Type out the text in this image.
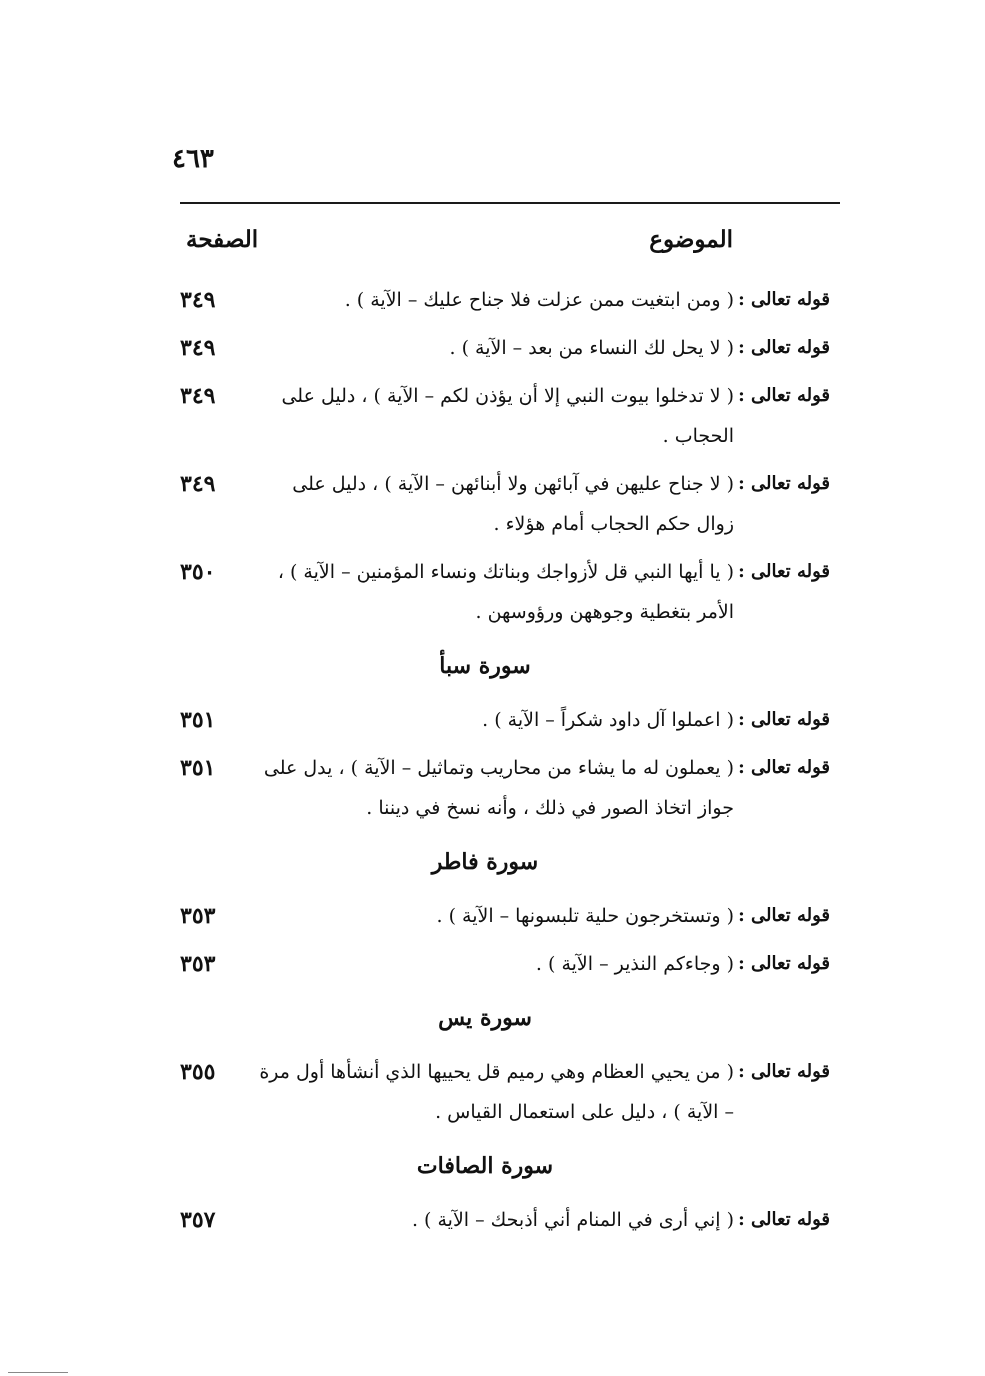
٤٦٣
الموضوع
الصفحة
قوله تعالى :
( ومن ابتغيت ممن عزلت فلا جناح عليك – الآية ) .
٣٤٩
قوله تعالى :
( لا يحل لك النساء من بعد – الآية ) .
٣٤٩
قوله تعالى :
( لا تدخلوا بيوت النبي إلا أن يؤذن لكم – الآية ) ، دليل على الحجاب .
٣٤٩
قوله تعالى :
( لا جناح عليهن في آبائهن ولا أبنائهن – الآية ) ، دليل على زوال حكم الحجاب أمام هؤلاء .
٣٤٩
قوله تعالى :
( يا أيها النبي قل لأزواجك وبناتك ونساء المؤمنين – الآية ) ، الأمر بتغطية وجوههن ورؤوسهن .
٣٥٠
سورة سبأ
قوله تعالى :
( اعملوا آل داود شكراً – الآية ) .
٣٥١
قوله تعالى :
( يعملون له ما يشاء من محاريب وتماثيل – الآية ) ، يدل على جواز اتخاذ الصور في ذلك ، وأنه نسخ في ديننا .
٣٥١
سورة فاطر
قوله تعالى :
( وتستخرجون حلية تلبسونها – الآية ) .
٣٥٣
قوله تعالى :
( وجاءكم النذير – الآية ) .
٣٥٣
سورة يس
قوله تعالى :
( من يحيي العظام وهي رميم قل يحييها الذي أنشأها أول مرة – الآية ) ، دليل على استعمال القياس .
٣٥٥
سورة الصافات
قوله تعالى :
( إني أرى في المنام أني أذبحك – الآية ) .
٣٥٧
